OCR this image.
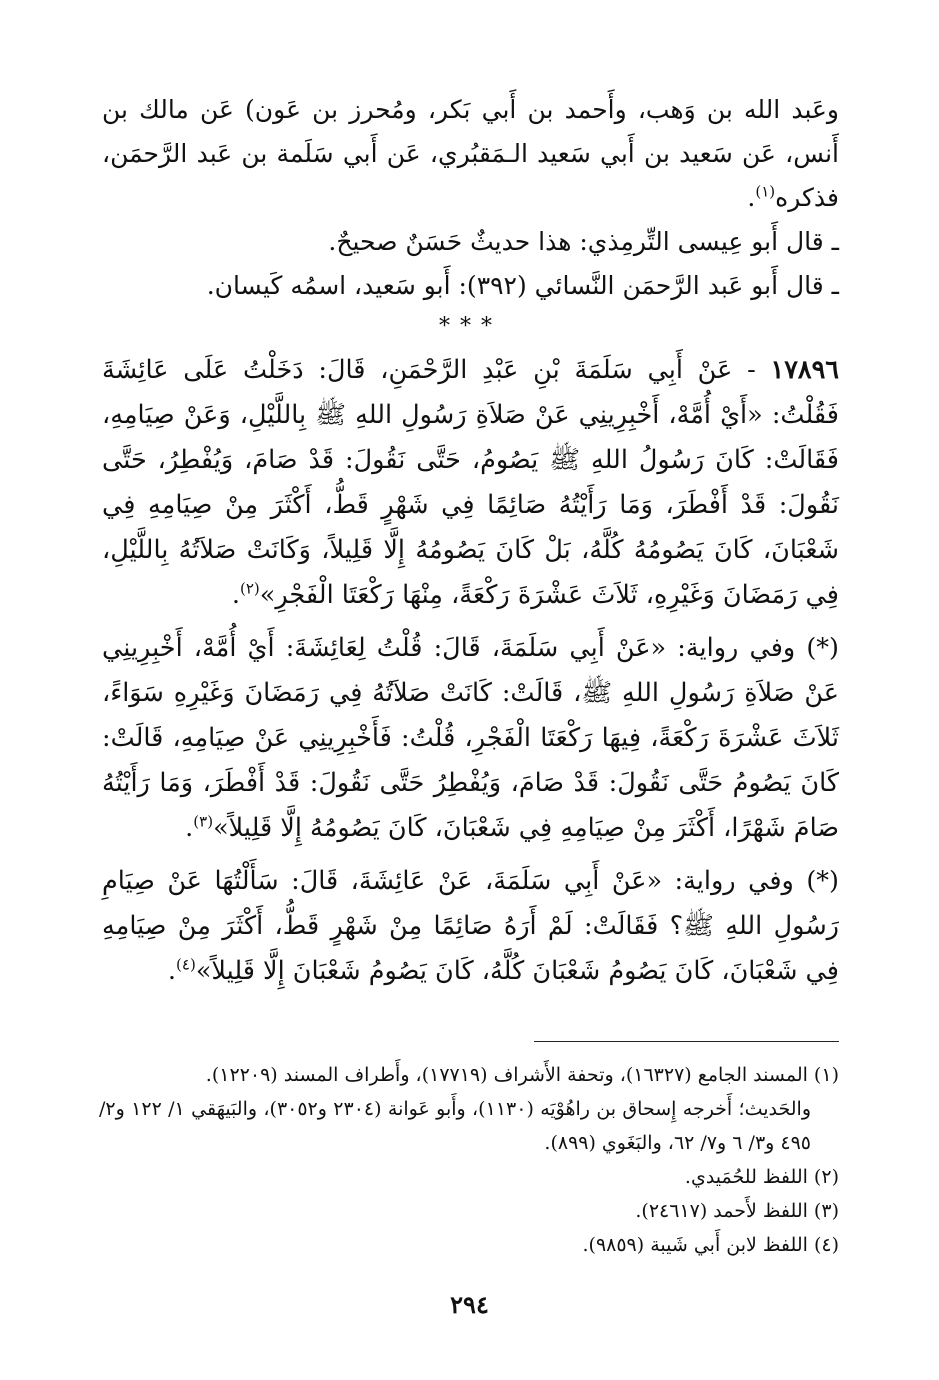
وعَبد الله بن وَهب، وأَحمد بن أَبي بَكر، ومُحرز بن عَون) عَن مالك بن أَنس، عَن سَعيد بن أَبي سَعيد الـمَقبُري، عَن أَبي سَلَمة بن عَبد الرَّحمَن، فذكره$^{(١)}$.

ـ قال أَبو عِيسى التِّرمِذي: هذا حديثٌ حَسَنٌ صحيحٌ.

ـ قال أَبو عَبد الرَّحمَن النَّسائي (٣٩٢): أَبو سَعيد، اسمُه كَيسان.

***

١٧٨٩٦ - عَنْ أَبِي سَلَمَةَ بْنِ عَبْدِ الرَّحْمَنِ، قَالَ: دَخَلْتُ عَلَى عَائِشَةَ فَقُلْتُ: «أَيْ أُمَّهْ، أَخْبِرِينِي عَنْ صَلاَةِ رَسُولِ اللهِ ﷺ بِاللَّيْلِ، وَعَنْ صِيَامِهِ، فَقَالَتْ: كَانَ رَسُولُ اللهِ ﷺ يَصُومُ، حَتَّى نَقُولَ: قَدْ صَامَ، وَيُفْطِرُ، حَتَّى نَقُولَ: قَدْ أَفْطَرَ، وَمَا رَأَيْتُهُ صَائِمًا فِي شَهْرٍ قَطُّ، أَكْثَرَ مِنْ صِيَامِهِ فِي شَعْبَانَ، كَانَ يَصُومُهُ كُلَّهُ، بَلْ كَانَ يَصُومُهُ إِلَّا قَلِيلاً، وَكَانَتْ صَلاَتُهُ بِاللَّيْلِ، فِي رَمَضَانَ وَغَيْرِهِ، ثَلاَثَ عَشْرَةَ رَكْعَةً، مِنْهَا رَكْعَتَا الْفَجْرِ»$^{(٢)}$.

(*) وفي رواية: «عَنْ أَبِي سَلَمَةَ، قَالَ: قُلْتُ لِعَائِشَةَ: أَيْ أُمَّهْ، أَخْبِرِينِي عَنْ صَلاَةِ رَسُولِ اللهِ ﷺ، قَالَتْ: كَانَتْ صَلاَتُهُ فِي رَمَضَانَ وَغَيْرِهِ سَوَاءً، ثَلاَثَ عَشْرَةَ رَكْعَةً، فِيهَا رَكْعَتَا الْفَجْرِ، قُلْتُ: فَأَخْبِرِينِي عَنْ صِيَامِهِ، قَالَتْ: كَانَ يَصُومُ حَتَّى نَقُولَ: قَدْ صَامَ، وَيُفْطِرُ حَتَّى نَقُولَ: قَدْ أَفْطَرَ، وَمَا رَأَيْتُهُ صَامَ شَهْرًا، أَكْثَرَ مِنْ صِيَامِهِ فِي شَعْبَانَ، كَانَ يَصُومُهُ إِلَّا قَلِيلاً»$^{(٣)}$.

(*) وفي رواية: «عَنْ أَبِي سَلَمَةَ، عَنْ عَائِشَةَ، قَالَ: سَأَلْتُهَا عَنْ صِيَامِ رَسُولِ اللهِ ﷺ؟ فَقَالَتْ: لَمْ أَرَهُ صَائِمًا مِنْ شَهْرٍ قَطُّ، أَكْثَرَ مِنْ صِيَامِهِ فِي شَعْبَانَ، كَانَ يَصُومُ شَعْبَانَ كُلَّهُ، كَانَ يَصُومُ شَعْبَانَ إِلَّا قَلِيلاً»$^{(٤)}$.

(١) المسند الجامع (١٦٣٢٧)، وتحفة الأَشراف (١٧٧١٩)، وأَطراف المسند (١٢٢٠٩).

والحَديث؛ أَخرجه إِسحاق بن راهُوْيَه (١١٣٠)، وأَبو عَوانة (٢٣٠٤ و٣٠٥٢)، والبَيهَقي ١/ ١٢٢ و٢/ ٤٩٥ و٣/ ٦ و٧/ ٦٢، والبَغَوي (٨٩٩).

(٢) اللفظ للحُمَيدي.

(٣) اللفظ لأَحمد (٢٤٦١٧).

(٤) اللفظ لابن أَبي شَيبة (٩٨٥٩).

٢٩٤
